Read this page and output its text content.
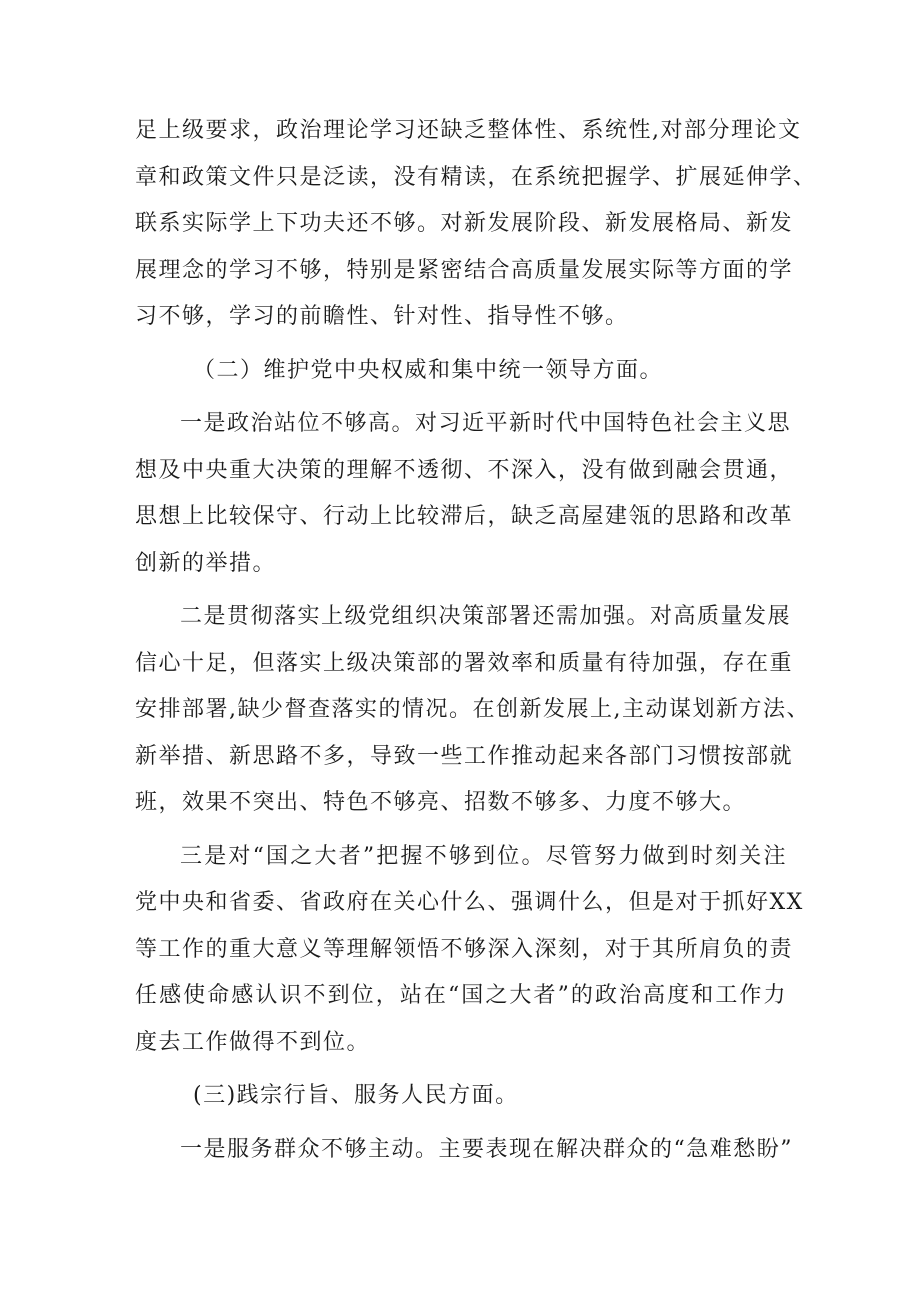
足上级要求，政治理论学习还缺乏整体性、系统性,对部分理论文
章和政策文件只是泛读，没有精读，在系统把握学、扩展延伸学、
联系实际学上下功夫还不够。对新发展阶段、新发展格局、新发
展理念的学习不够，特别是紧密结合高质量发展实际等方面的学
习不够，学习的前瞻性、针对性、指导性不够。
（二）维护党中央权威和集中统一领导方面。
一是政治站位不够高。对习近平新时代中国特色社会主义思
想及中央重大决策的理解不透彻、不深入，没有做到融会贯通，
思想上比较保守、行动上比较滞后，缺乏高屋建瓴的思路和改革
创新的举措。
二是贯彻落实上级党组织决策部署还需加强。对高质量发展
信心十足，但落实上级决策部的署效率和质量有待加强，存在重
安排部署,缺少督查落实的情况。在创新发展上,主动谋划新方法、
新举措、新思路不多，导致一些工作推动起来各部门习惯按部就
班，效果不突出、特色不够亮、招数不够多、力度不够大。
三是对“国之大者”把握不够到位。尽管努力做到时刻关注
党中央和省委、省政府在关心什么、强调什么，但是对于抓好XX
等工作的重大意义等理解领悟不够深入深刻，对于其所肩负的责
任感使命感认识不到位，站在“国之大者”的政治高度和工作力
度去工作做得不到位。
(三)践宗行旨、服务人民方面。
一是服务群众不够主动。主要表现在解决群众的“急难愁盼”
